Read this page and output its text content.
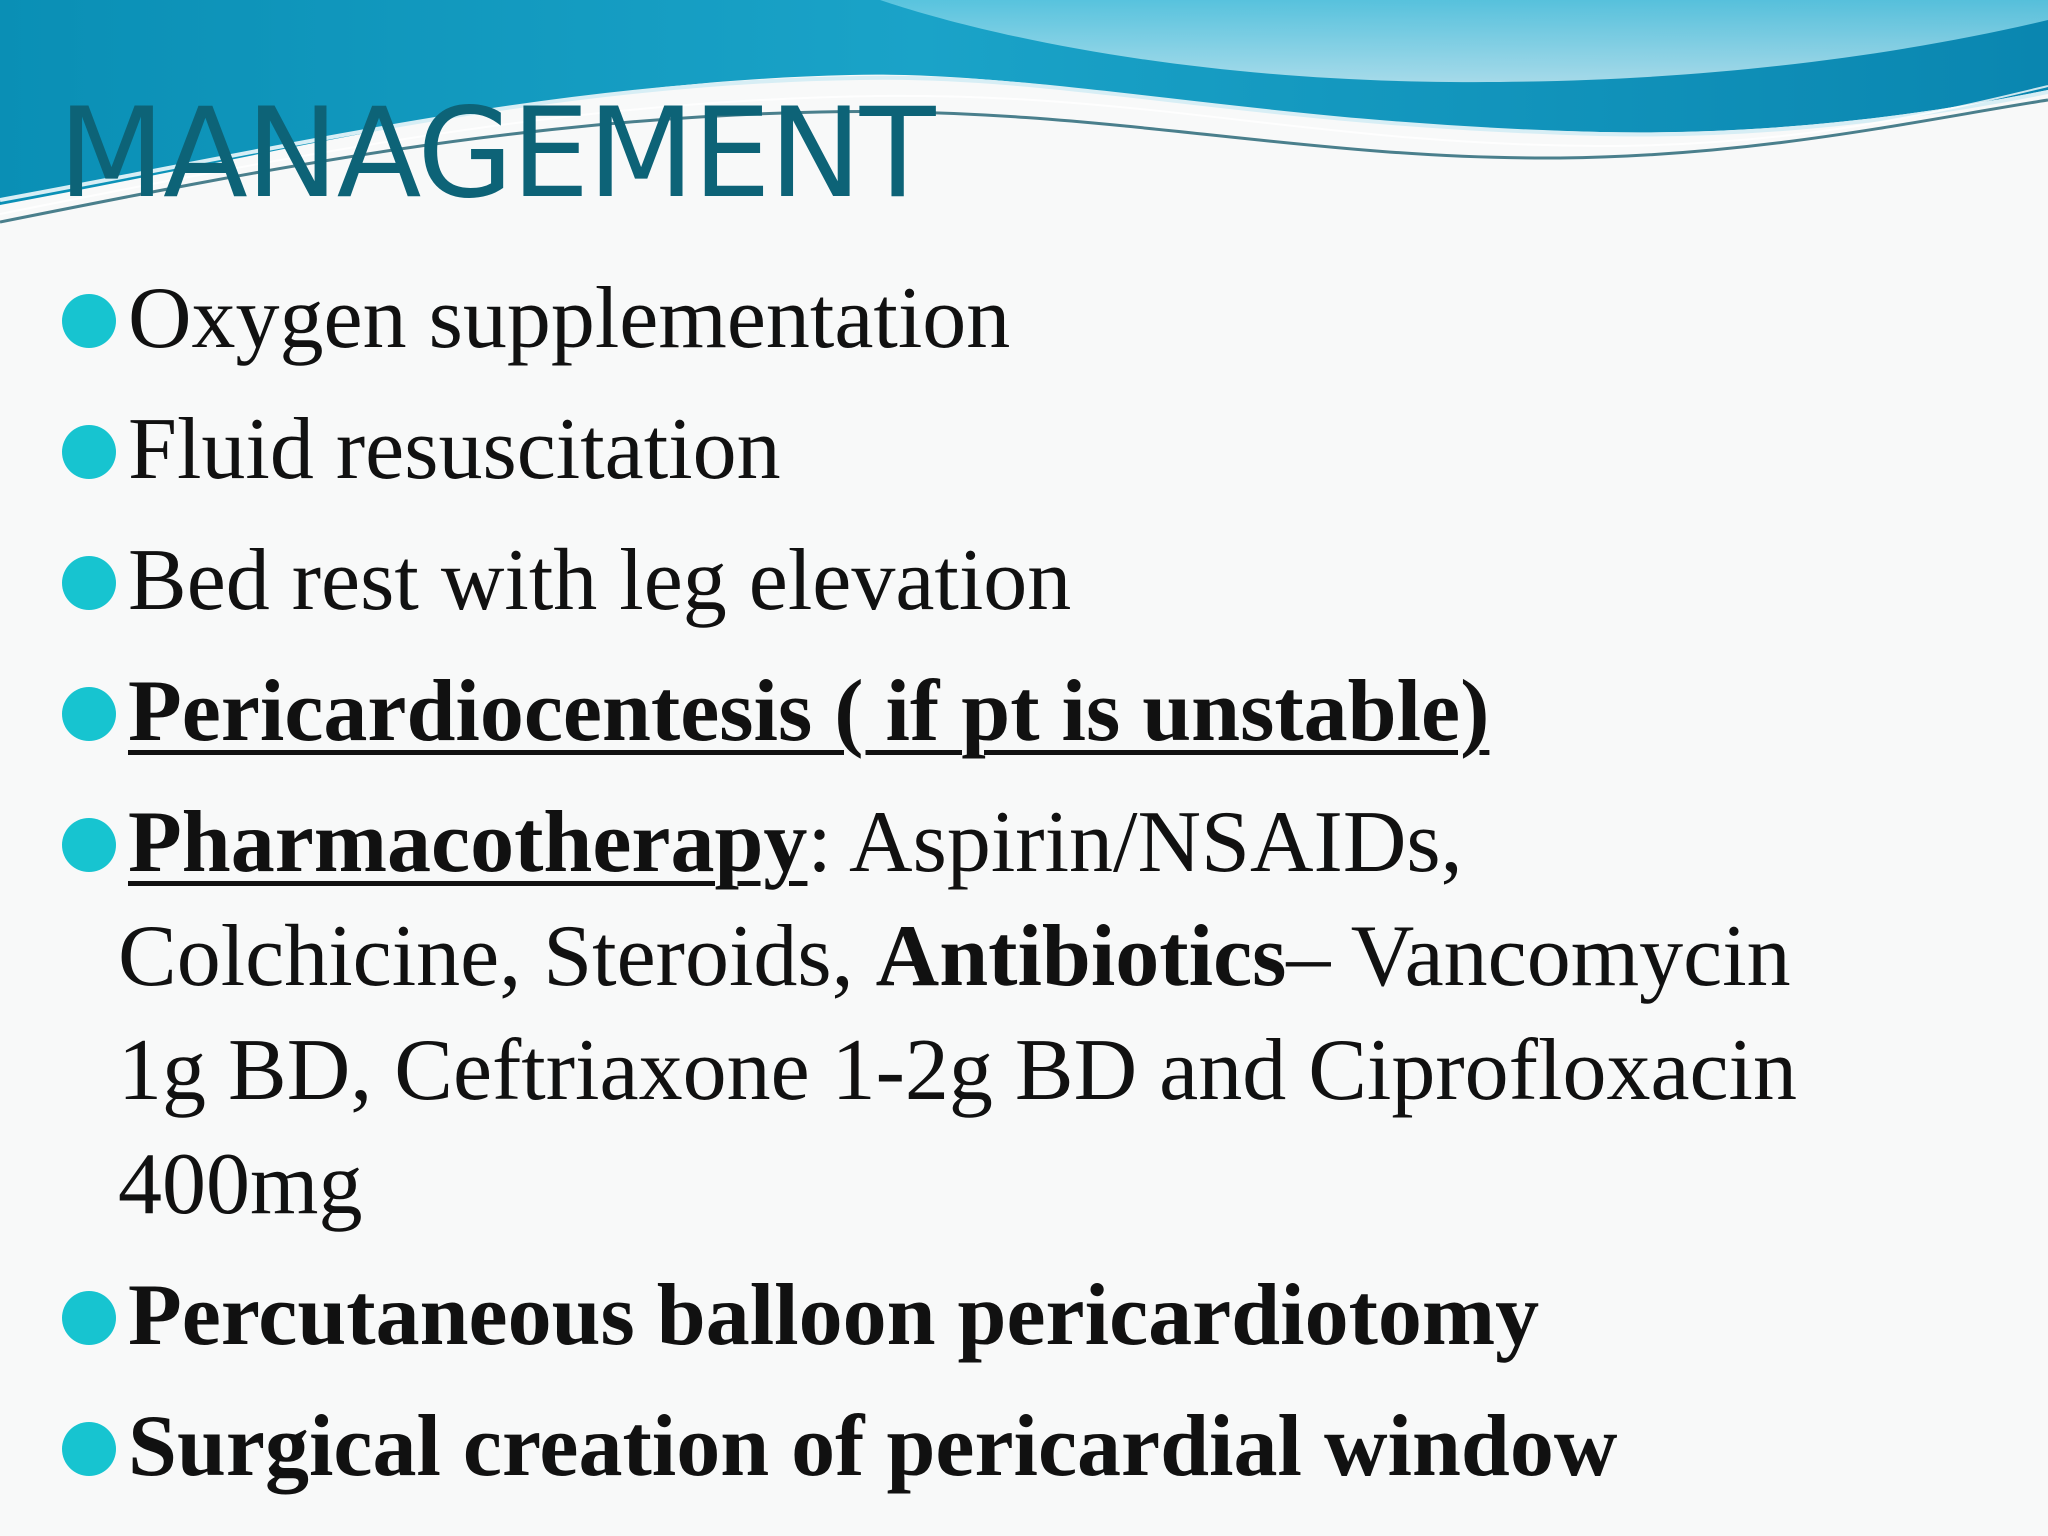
MANAGEMENT
Oxygen supplementation
Fluid resuscitation
Bed rest with leg elevation
Pericardiocentesis ( if pt is unstable)
Pharmacotherapy: Aspirin/NSAIDs,
Colchicine, Steroids, Antibiotics– Vancomycin
1g BD, Ceftriaxone 1-2g BD and Ciprofloxacin
400mg
Percutaneous balloon pericardiotomy
Surgical creation of pericardial window
